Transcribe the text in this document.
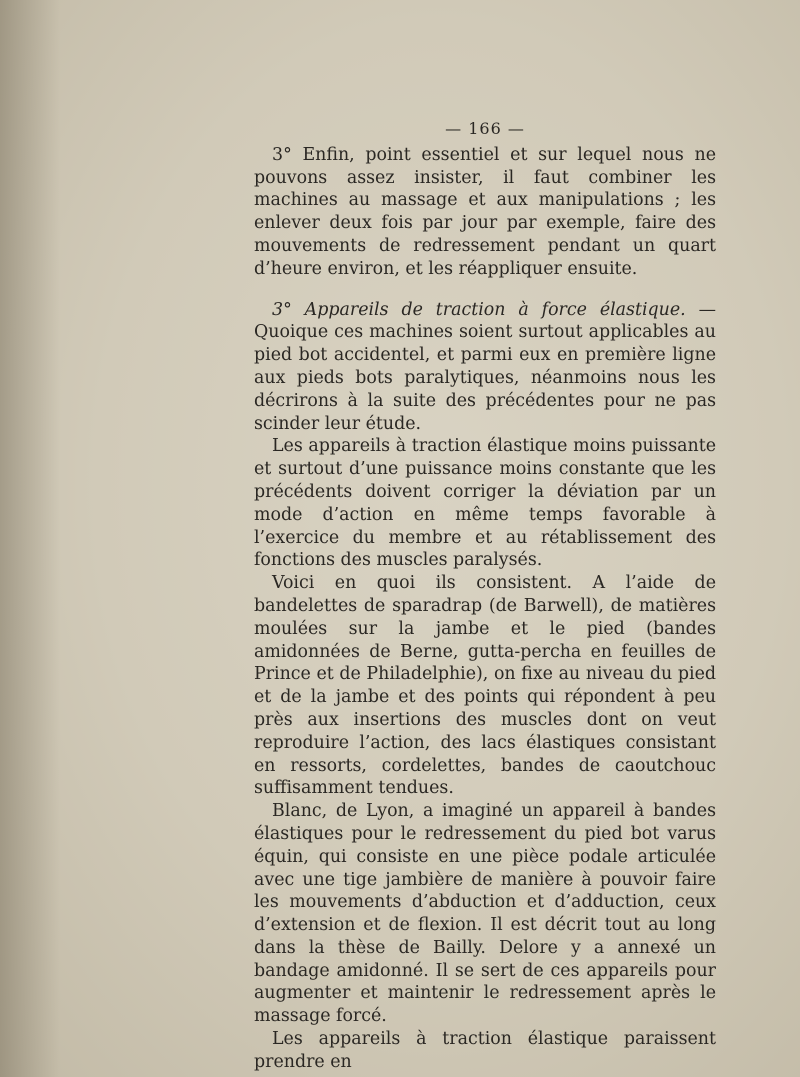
— 166 —

3° Enfin, point essentiel et sur lequel nous ne pouvons assez insister, il faut combiner les machines au massage et aux manipulations ; les enlever deux fois par jour par exemple, faire des mouvements de redressement pendant un quart d’heure environ, et les réappliquer ensuite.

3° Appareils de traction à force élastique. — Quoique ces machines soient surtout applicables au pied bot accidentel, et parmi eux en première ligne aux pieds bots paralytiques, néanmoins nous les décrirons à la suite des précédentes pour ne pas scinder leur étude.

Les appareils à traction élastique moins puissante et surtout d’une puissance moins constante que les précédents doivent corriger la déviation par un mode d’action en même temps favorable à l’exercice du membre et au rétablissement des fonctions des muscles paralysés.

Voici en quoi ils consistent. A l’aide de bandelettes de sparadrap (de Barwell), de matières moulées sur la jambe et le pied (bandes amidonnées de Berne, gutta-percha en feuilles de Prince et de Philadelphie), on fixe au niveau du pied et de la jambe et des points qui répondent à peu près aux insertions des muscles dont on veut reproduire l’action, des lacs élastiques consistant en ressorts, cordelettes, bandes de caoutchouc suffisamment tendues.

Blanc, de Lyon, a imaginé un appareil à bandes élastiques pour le redressement du pied bot varus équin, qui consiste en une pièce podale articulée avec une tige jambière de manière à pouvoir faire les mouvements d’abduction et d’adduction, ceux d’extension et de flexion. Il est décrit tout au long dans la thèse de Bailly. Delore y a annexé un bandage amidonné. Il se sert de ces appareils pour augmenter et maintenir le redressement après le massage forcé.

Les appareils à traction élastique paraissent prendre en
